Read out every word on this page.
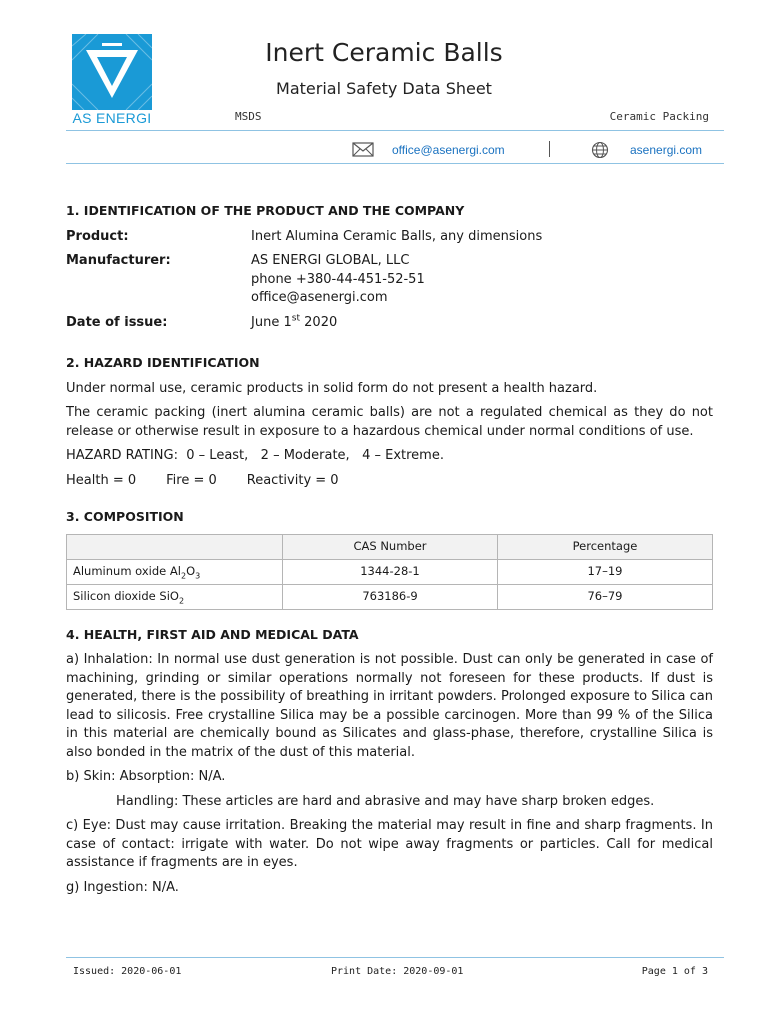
AS ENERGI
Inert Ceramic Balls
Material Safety Data Sheet
MSDS	Ceramic Packing
office@asenergi.com	asenergi.com
1. IDENTIFICATION OF THE PRODUCT AND THE COMPANY
Product:	Inert Alumina Ceramic Balls, any dimensions
Manufacturer:	AS ENERGI GLOBAL, LLC
phone +380-44-451-52-51
office@asenergi.com
Date of issue:	June 1st 2020
2. HAZARD IDENTIFICATION

Under normal use, ceramic products in solid form do not present a health hazard.

The ceramic packing (inert alumina ceramic balls) are not a regulated chemical as they do not release or otherwise result in exposure to a hazardous chemical under normal conditions of use.

HAZARD RATING: 0 – Least,   2 – Moderate,   4 – Extreme.

Health = 0 Fire = 0 Reactivity = 0

3. COMPOSITION
	CAS Number	Percentage
Aluminum oxide $Al_2O_3$	1344-28-1	17–19
Silicon dioxide SiO$_2$	763186-9	76–79
4. HEALTH, FIRST AID AND MEDICAL DATA

a) Inhalation: In normal use dust generation is not possible. Dust can only be generated in case of machining, grinding or similar operations normally not foreseen for these products. If dust is generated, there is the possibility of breathing in irritant powders. Prolonged exposure to Silica can lead to silicosis. Free crystalline Silica may be a possible carcinogen. More than 99 % of the Silica in this material are chemically bound as Silicates and glass-phase, therefore, crystalline Silica is also bonded in the matrix of the dust of this material.

b) Skin: Absorption: N/A.

Handling: These articles are hard and abrasive and may have sharp broken edges.

c) Eye: Dust may cause irritation. Breaking the material may result in fine and sharp fragments. In case of contact: irrigate with water. Do not wipe away fragments or particles. Call for medical assistance if fragments are in eyes.

g) Ingestion: N/A.

Issued: 2020-06-01	Print Date: 2020-09-01	Page 1 of 3
